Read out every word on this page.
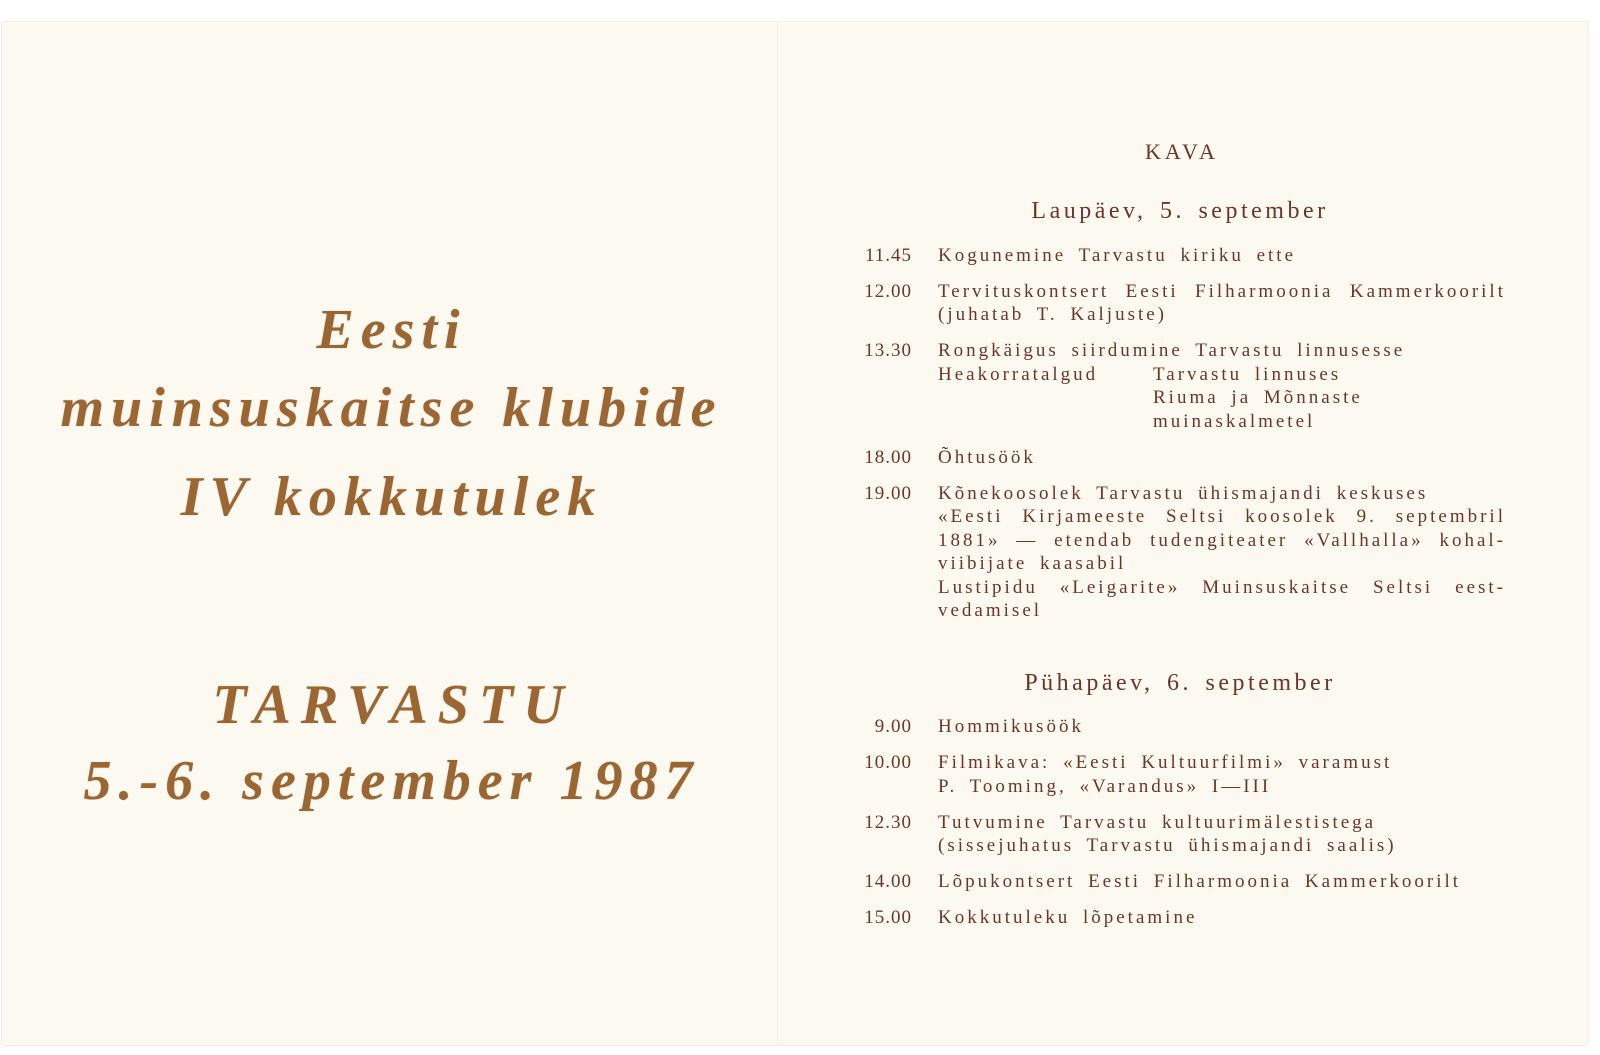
Eesti
muinsuskaitse klubide
IV kokkutulek
TARVASTU
5.-6. september 1987
KAVA
Laupäev, 5. september
11.45 Kogunemine Tarvastu kiriku ette
12.00 Tervituskontsert Eesti Filharmoonia Kammerkoorilt
(juhatab T. Kaljuste)
13.30 Rongkäigus siirdumine Tarvastu linnusesse
Heakorratalgud	Tarvastu linnuses
Riuma ja Mõnnaste
muinaskalmetel
18.00 Õhtusöök
19.00 Kõnekoosolek Tarvastu ühismajandi keskuses
«Eesti Kirjameeste Seltsi koosolek 9. septembril
1881» — etendab tudengiteater «Vallhalla» kohal-
viibijate kaasabil
Lustipidu «Leigarite» Muinsuskaitse Seltsi eest-
vedamisel
Pühapäev, 6. september
9.00 Hommikusöök
10.00 Filmikava: «Eesti Kultuurfilmi» varamust
P. Tooming, «Varandus» I—III
12.30 Tutvumine Tarvastu kultuurimälestistega
(sissejuhatus Tarvastu ühismajandi saalis)
14.00 Lõpukontsert Eesti Filharmoonia Kammerkoorilt
15.00 Kokkutuleku lõpetamine
